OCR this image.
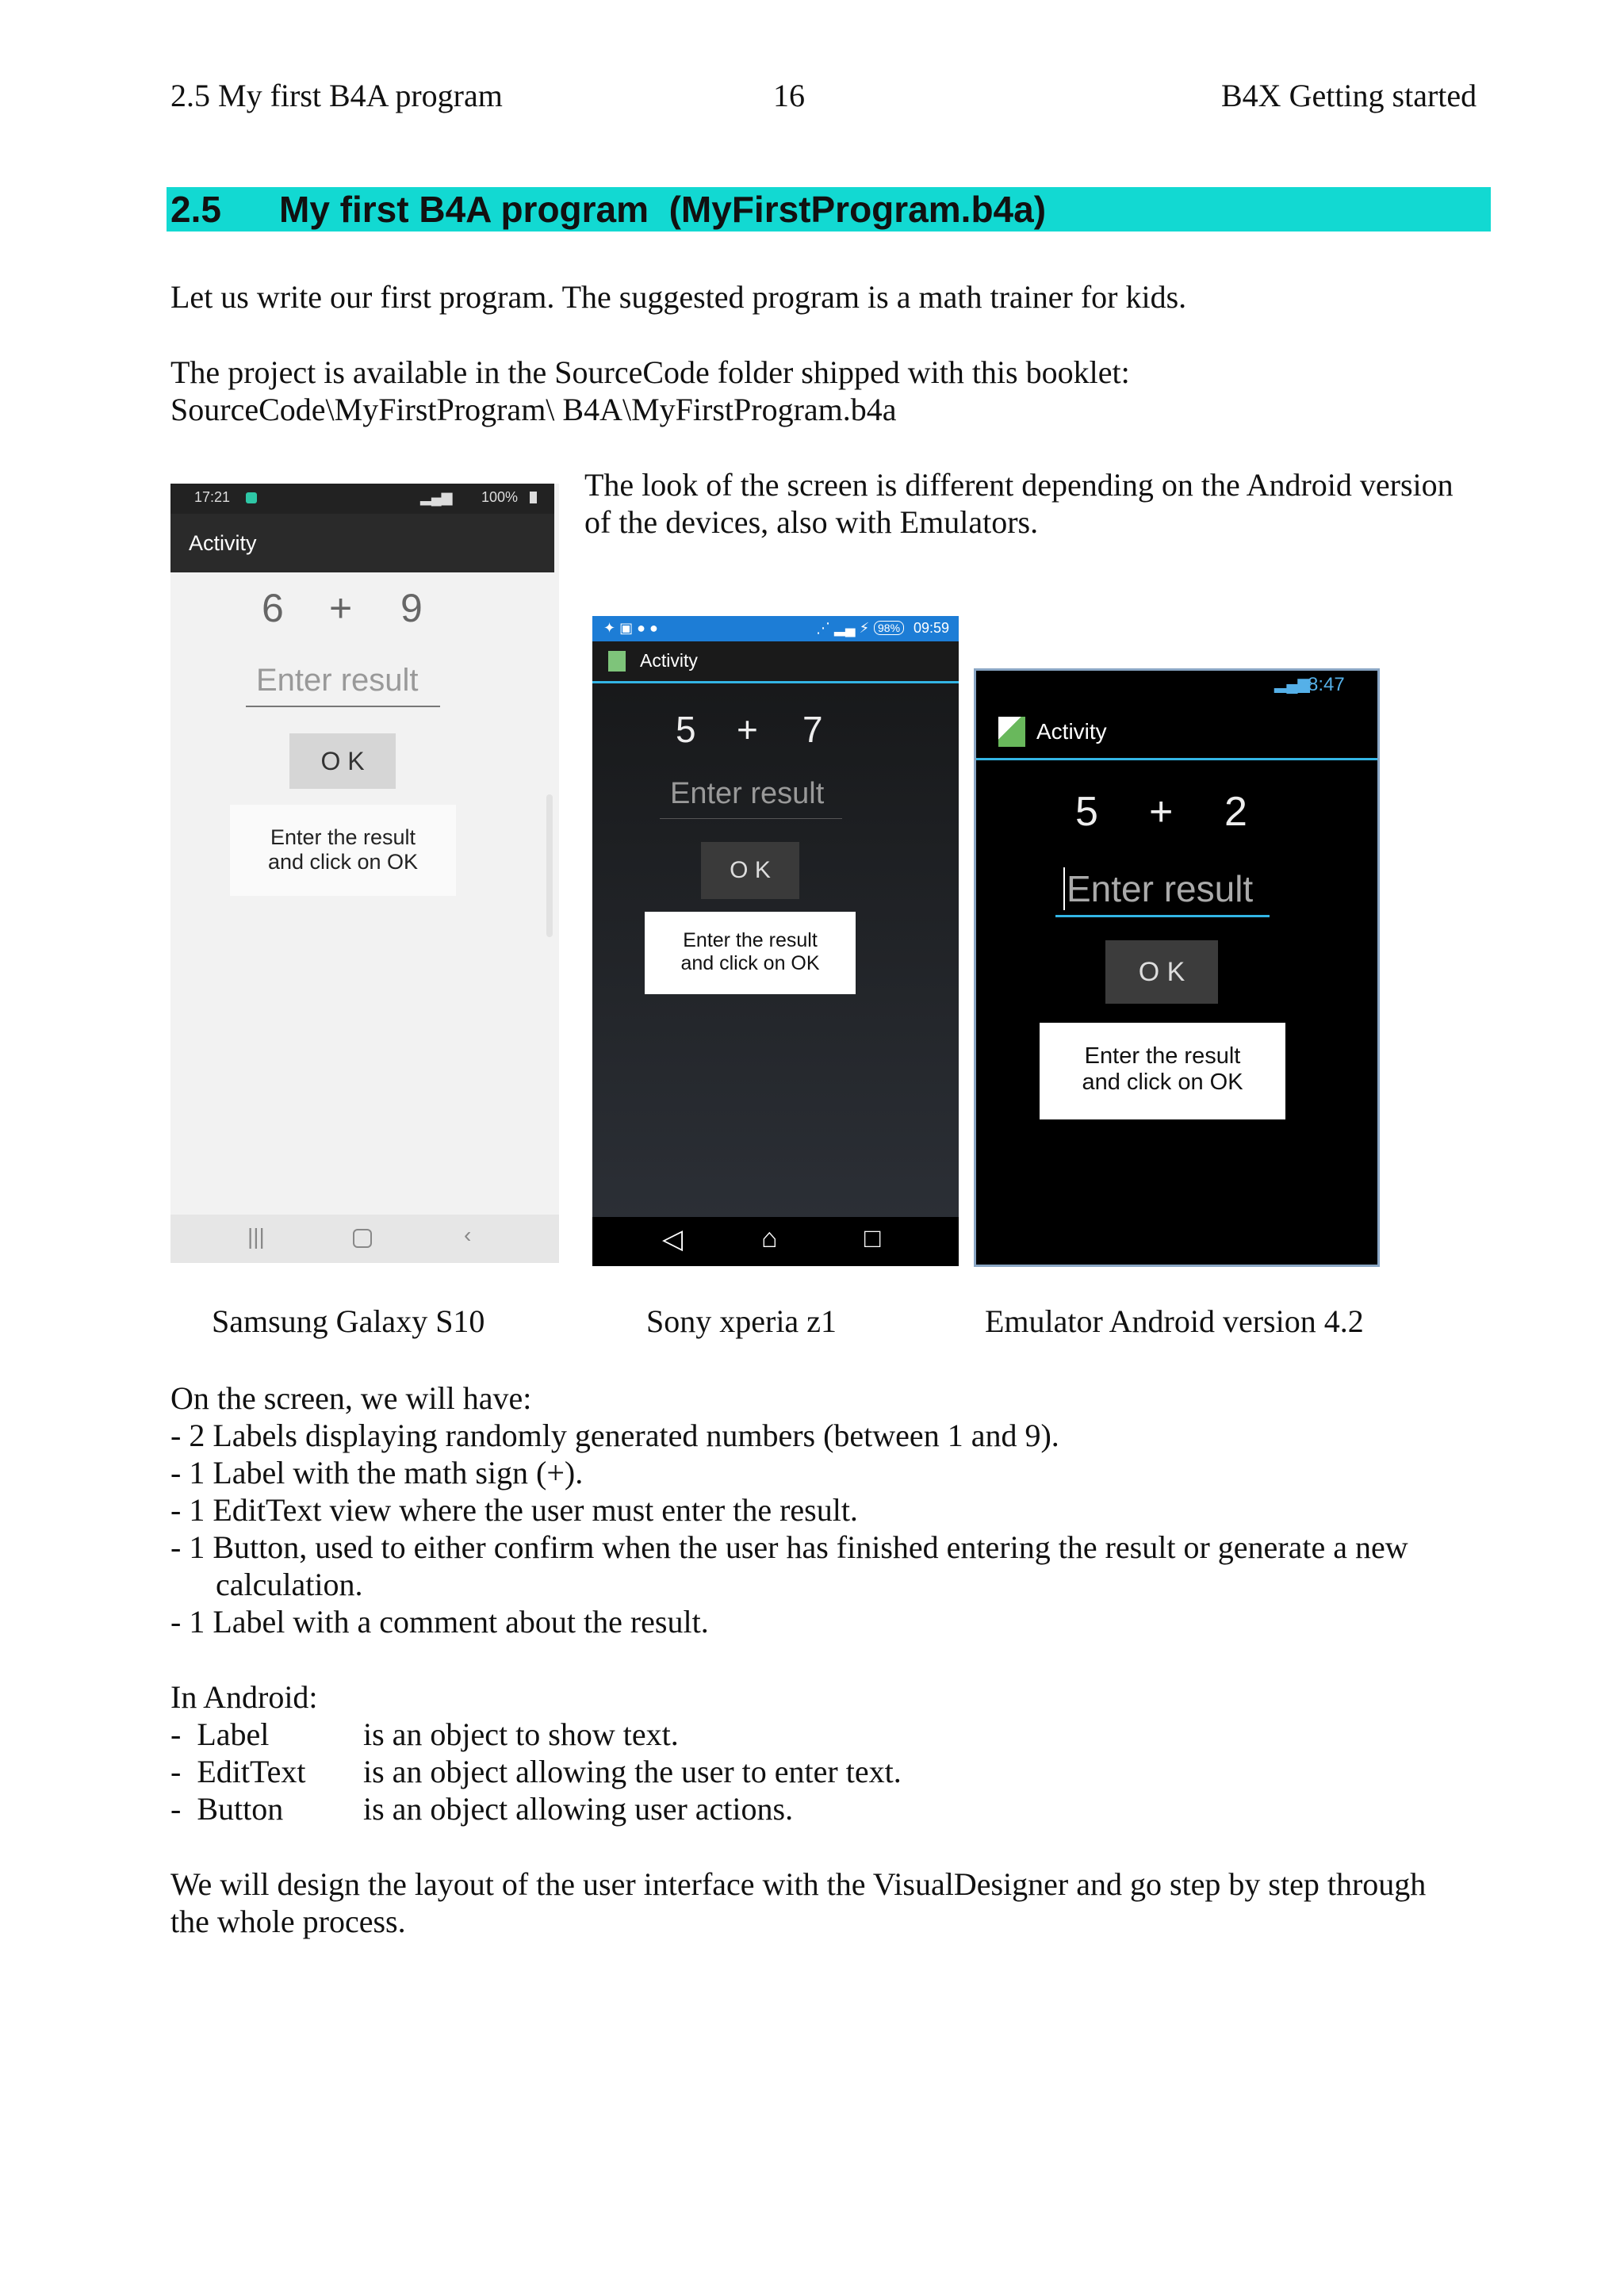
2.5 My first B4A program	16	B4X Getting started
2.5 My first B4A program  (MyFirstProgram.b4a)
Let us write our first program. The suggested program is a math trainer for kids.
The project is available in the SourceCode folder shipped with this booklet:
SourceCode\MyFirstProgram\ B4A\MyFirstProgram.b4a
The look of the screen is different depending on the Android version
of the devices, also with Emulators.
17:21	▂▄▆ 100%
Activity
6 + 9
Enter result
O K
Enter the result
and click on OK
|||	‹
✦ ▣ ● ●	⋰ ▂▄ ⚡ 98% 09:59
Activity
5 + 7
Enter result
O K
Enter the result
and click on OK
◁	⌂	□
▂▄▆
8:47
Activity
5 + 2
Enter result
O K
Enter the result
and click on OK
Samsung Galaxy S10	Sony xperia z1	Emulator Android version 4.2
On the screen, we will have:
- 2 Labels displaying randomly generated numbers (between 1 and 9).
- 1 Label with the math sign (+).
- 1 EditText view where the user must enter the result.
- 1 Button, used to either confirm when the user has finished entering the result or generate a new
calculation.
- 1 Label with a comment about the result.
In Android:
-  Label	is an object to show text.
-  EditText is an object allowing the user to enter text.
-  Button	is an object allowing user actions.
We will design the layout of the user interface with the VisualDesigner and go step by step through
the whole process.
